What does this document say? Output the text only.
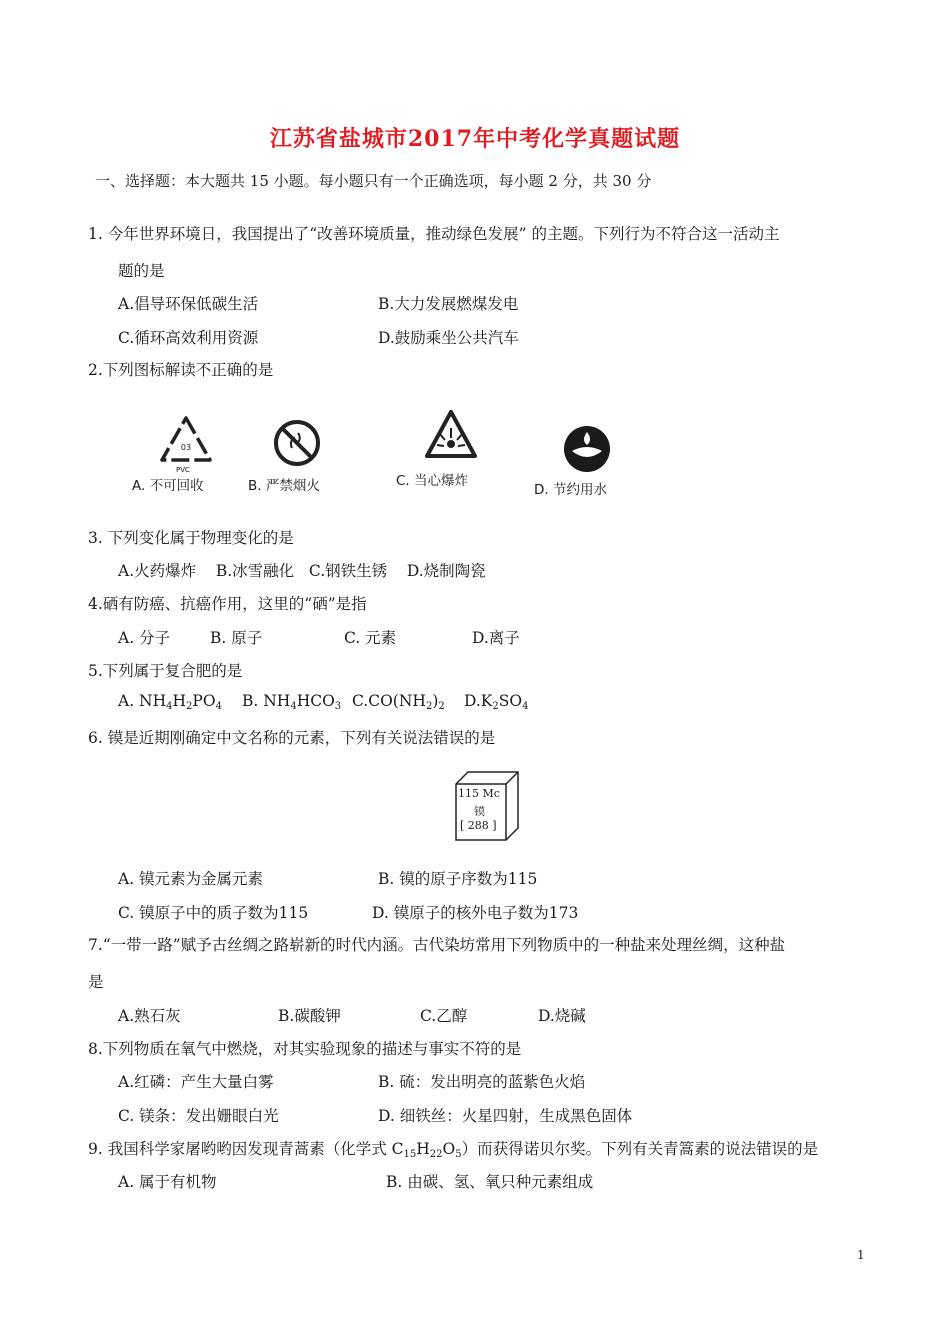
江苏省盐城市2017年中考化学真题试题
一、选择题：本大题共 15 小题。每小题只有一个正确选项，每小题 2 分，共 30 分
1. 今年世界环境日，我国提出了“改善环境质量，推动绿色发展” 的主题。下列行为不符合这一活动主
题的是
A.倡导环保低碳生活	B.大力发展燃煤发电
C.循环高效利用资源	D.鼓励乘坐公共汽车
2.下列图标解读不正确的是
03
PVC
A. 不可回收	B. 严禁烟火	C. 当心爆炸
D. 节约用水
3. 下列变化属于物理变化的是
A.火药爆炸    B.冰雪融化   C.钢铁生锈    D.烧制陶瓷
4.硒有防癌、抗癌作用，这里的“硒”是指
A. 分子	B. 原子	C. 元素	D.离子
5.下列属于复合肥的是
A. $NH_4H_2PO_4$ B. $NH_4HCO_3$ $C.CO(NH_2)_2$ $D.K_2SO_4$
6. 镆是近期刚确定中文名称的元素，下列有关说法错误的是
115 Mc
镆
[ 288 ]
A. 镆元素为金属元素	B. 镆的原子序数为115
C. 镆原子中的质子数为115	D. 镆原子的核外电子数为173
7.“一带一路”赋予古丝绸之路崭新的时代内涵。古代染坊常用下列物质中的一种盐来处理丝绸，这种盐
是
A.熟石灰	B.碳酸钾	C.乙醇	D.烧碱
8.下列物质在氧气中燃烧，对其实验现象的描述与事实不符的是
A.红磷：产生大量白雾	B. 硫：发出明亮的蓝紫色火焰
C. 镁条：发出姗眼白光	D. 细铁丝：火星四射，生成黑色固体
9. 我国科学家屠哟哟因发现青蒿素（化学式 $C_{15}H_{22}O_5$）而获得诺贝尔奖。下列有关青篙素的说法错误的是
A. 属于有机物	B. 由碳、氢、氧只种元素组成
1
